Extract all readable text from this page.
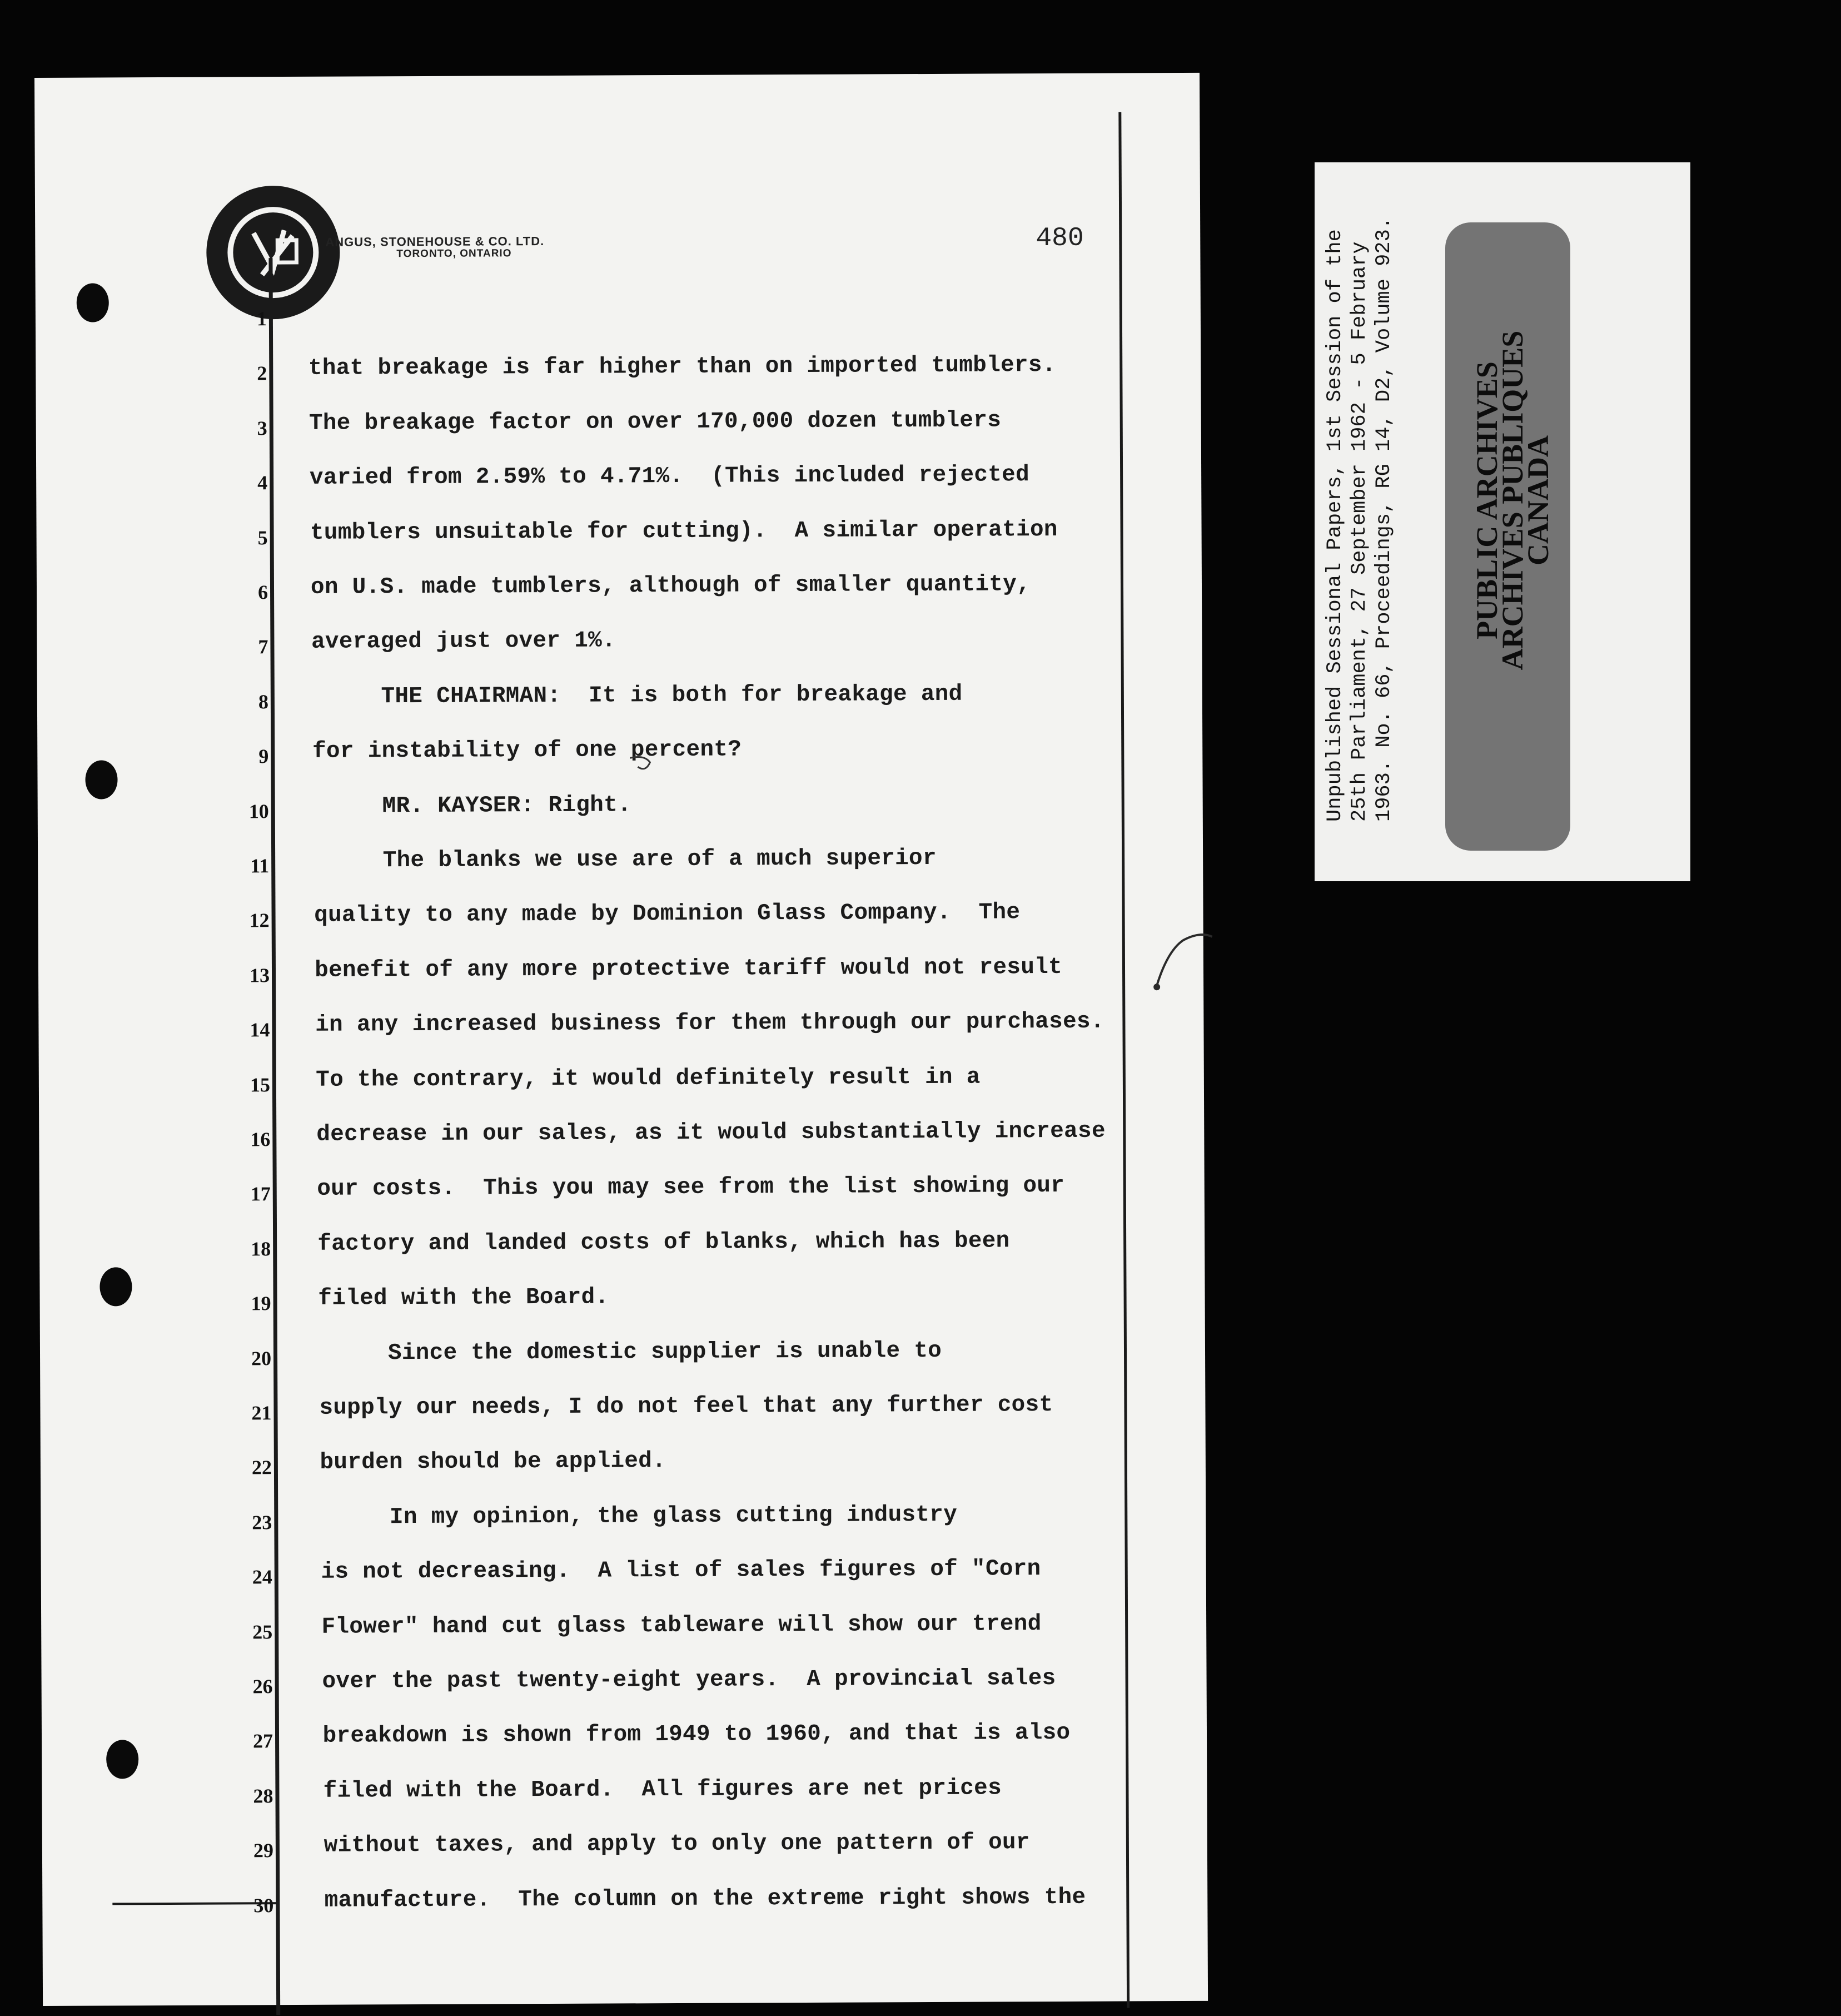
ANGUS, STONEHOUSE & CO. LTD.
TORONTO, ONTARIO
480
1
2 that breakage is far higher than on imported tumblers.
3 The breakage factor on over 170,000 dozen tumblers
4 varied from 2.59% to 4.71%.  (This included rejected
5 tumblers unsuitable for cutting).  A similar operation
6 on U.S. made tumblers, although of smaller quantity,
7 averaged just over 1%.
8 THE CHAIRMAN:  It is both for breakage and
9 for instability of one percent?
10 MR. KAYSER: Right.
11 The blanks we use are of a much superior
12 quality to any made by Dominion Glass Company.  The
13 benefit of any more protective tariff would not result
14 in any increased business for them through our purchases.
15 To the contrary, it would definitely result in a
16 decrease in our sales, as it would substantially increase
17 our costs.  This you may see from the list showing our
18 factory and landed costs of blanks, which has been
19 filed with the Board.
20 Since the domestic supplier is unable to
21 supply our needs, I do not feel that any further cost
22 burden should be applied.
23 In my opinion, the glass cutting industry
24 is not decreasing.  A list of sales figures of "Corn
25 Flower" hand cut glass tableware will show our trend
26 over the past twenty-eight years.  A provincial sales
27 breakdown is shown from 1949 to 1960, and that is also
28 filed with the Board.  All figures are net prices
29 without taxes, and apply to only one pattern of our
30 manufacture.  The column on the extreme right shows the
Unpublished Sessional Papers, 1st Session of the
25th Parliament, 27 September 1962 - 5 February
1963. No. 66, Proceedings, RG 14, D2, Volume 923. PUBLIC ARCHIVES
ARCHIVES PUBLIQUES
CANADA
